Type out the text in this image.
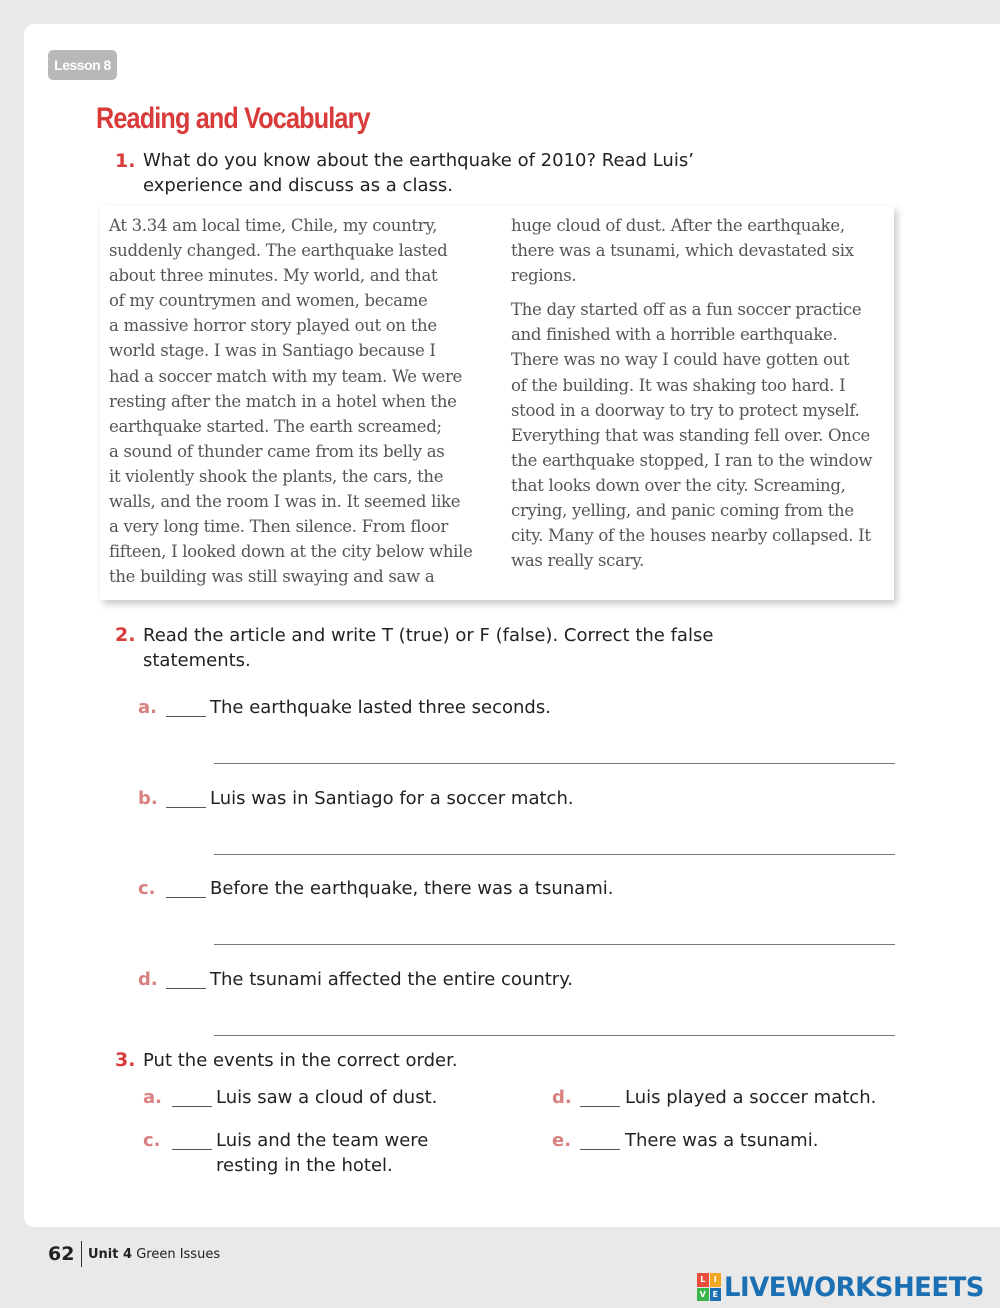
Lesson 8
Reading and Vocabulary
1. What do you know about the earthquake of 2010? Read Luis’
experience and discuss as a class.
At 3.34 am local time, Chile, my country,
suddenly changed. The earthquake lasted
about three minutes. My world, and that
of my countrymen and women, became
a massive horror story played out on the
world stage. I was in Santiago because I
had a soccer match with my team. We were
resting after the match in a hotel when the
earthquake started. The earth screamed;
a sound of thunder came from its belly as
it violently shook the plants, the cars, the
walls, and the room I was in. It seemed like
a very long time. Then silence. From floor
fifteen, I looked down at the city below while
the building was still swaying and saw a

huge cloud of dust. After the earthquake,
there was a tsunami, which devastated six
regions.

The day started off as a fun soccer practice
and finished with a horrible earthquake.
There was no way I could have gotten out
of the building. It was shaking too hard. I
stood in a doorway to try to protect myself.
Everything that was standing fell over. Once
the earthquake stopped, I ran to the window
that looks down over the city. Screaming,
crying, yelling, and panic coming from the
city. Many of the houses nearby collapsed. It
was really scary.

2. Read the article and write T (true) or F (false). Correct the false
statements.
a.	The earthquake lasted three seconds.
b.	Luis was in Santiago for a soccer match.
c.	Before the earthquake, there was a tsunami.
d.	The tsunami affected the entire country.
3. Put the events in the correct order.
a.	Luis saw a cloud of dust.	d.	Luis played a soccer match.
c.	Luis and the team were
resting in the hotel.
e.	There was a tsunami.
62 Unit 4 Green Issues
L	I
V E LIVEWORKSHEETS
